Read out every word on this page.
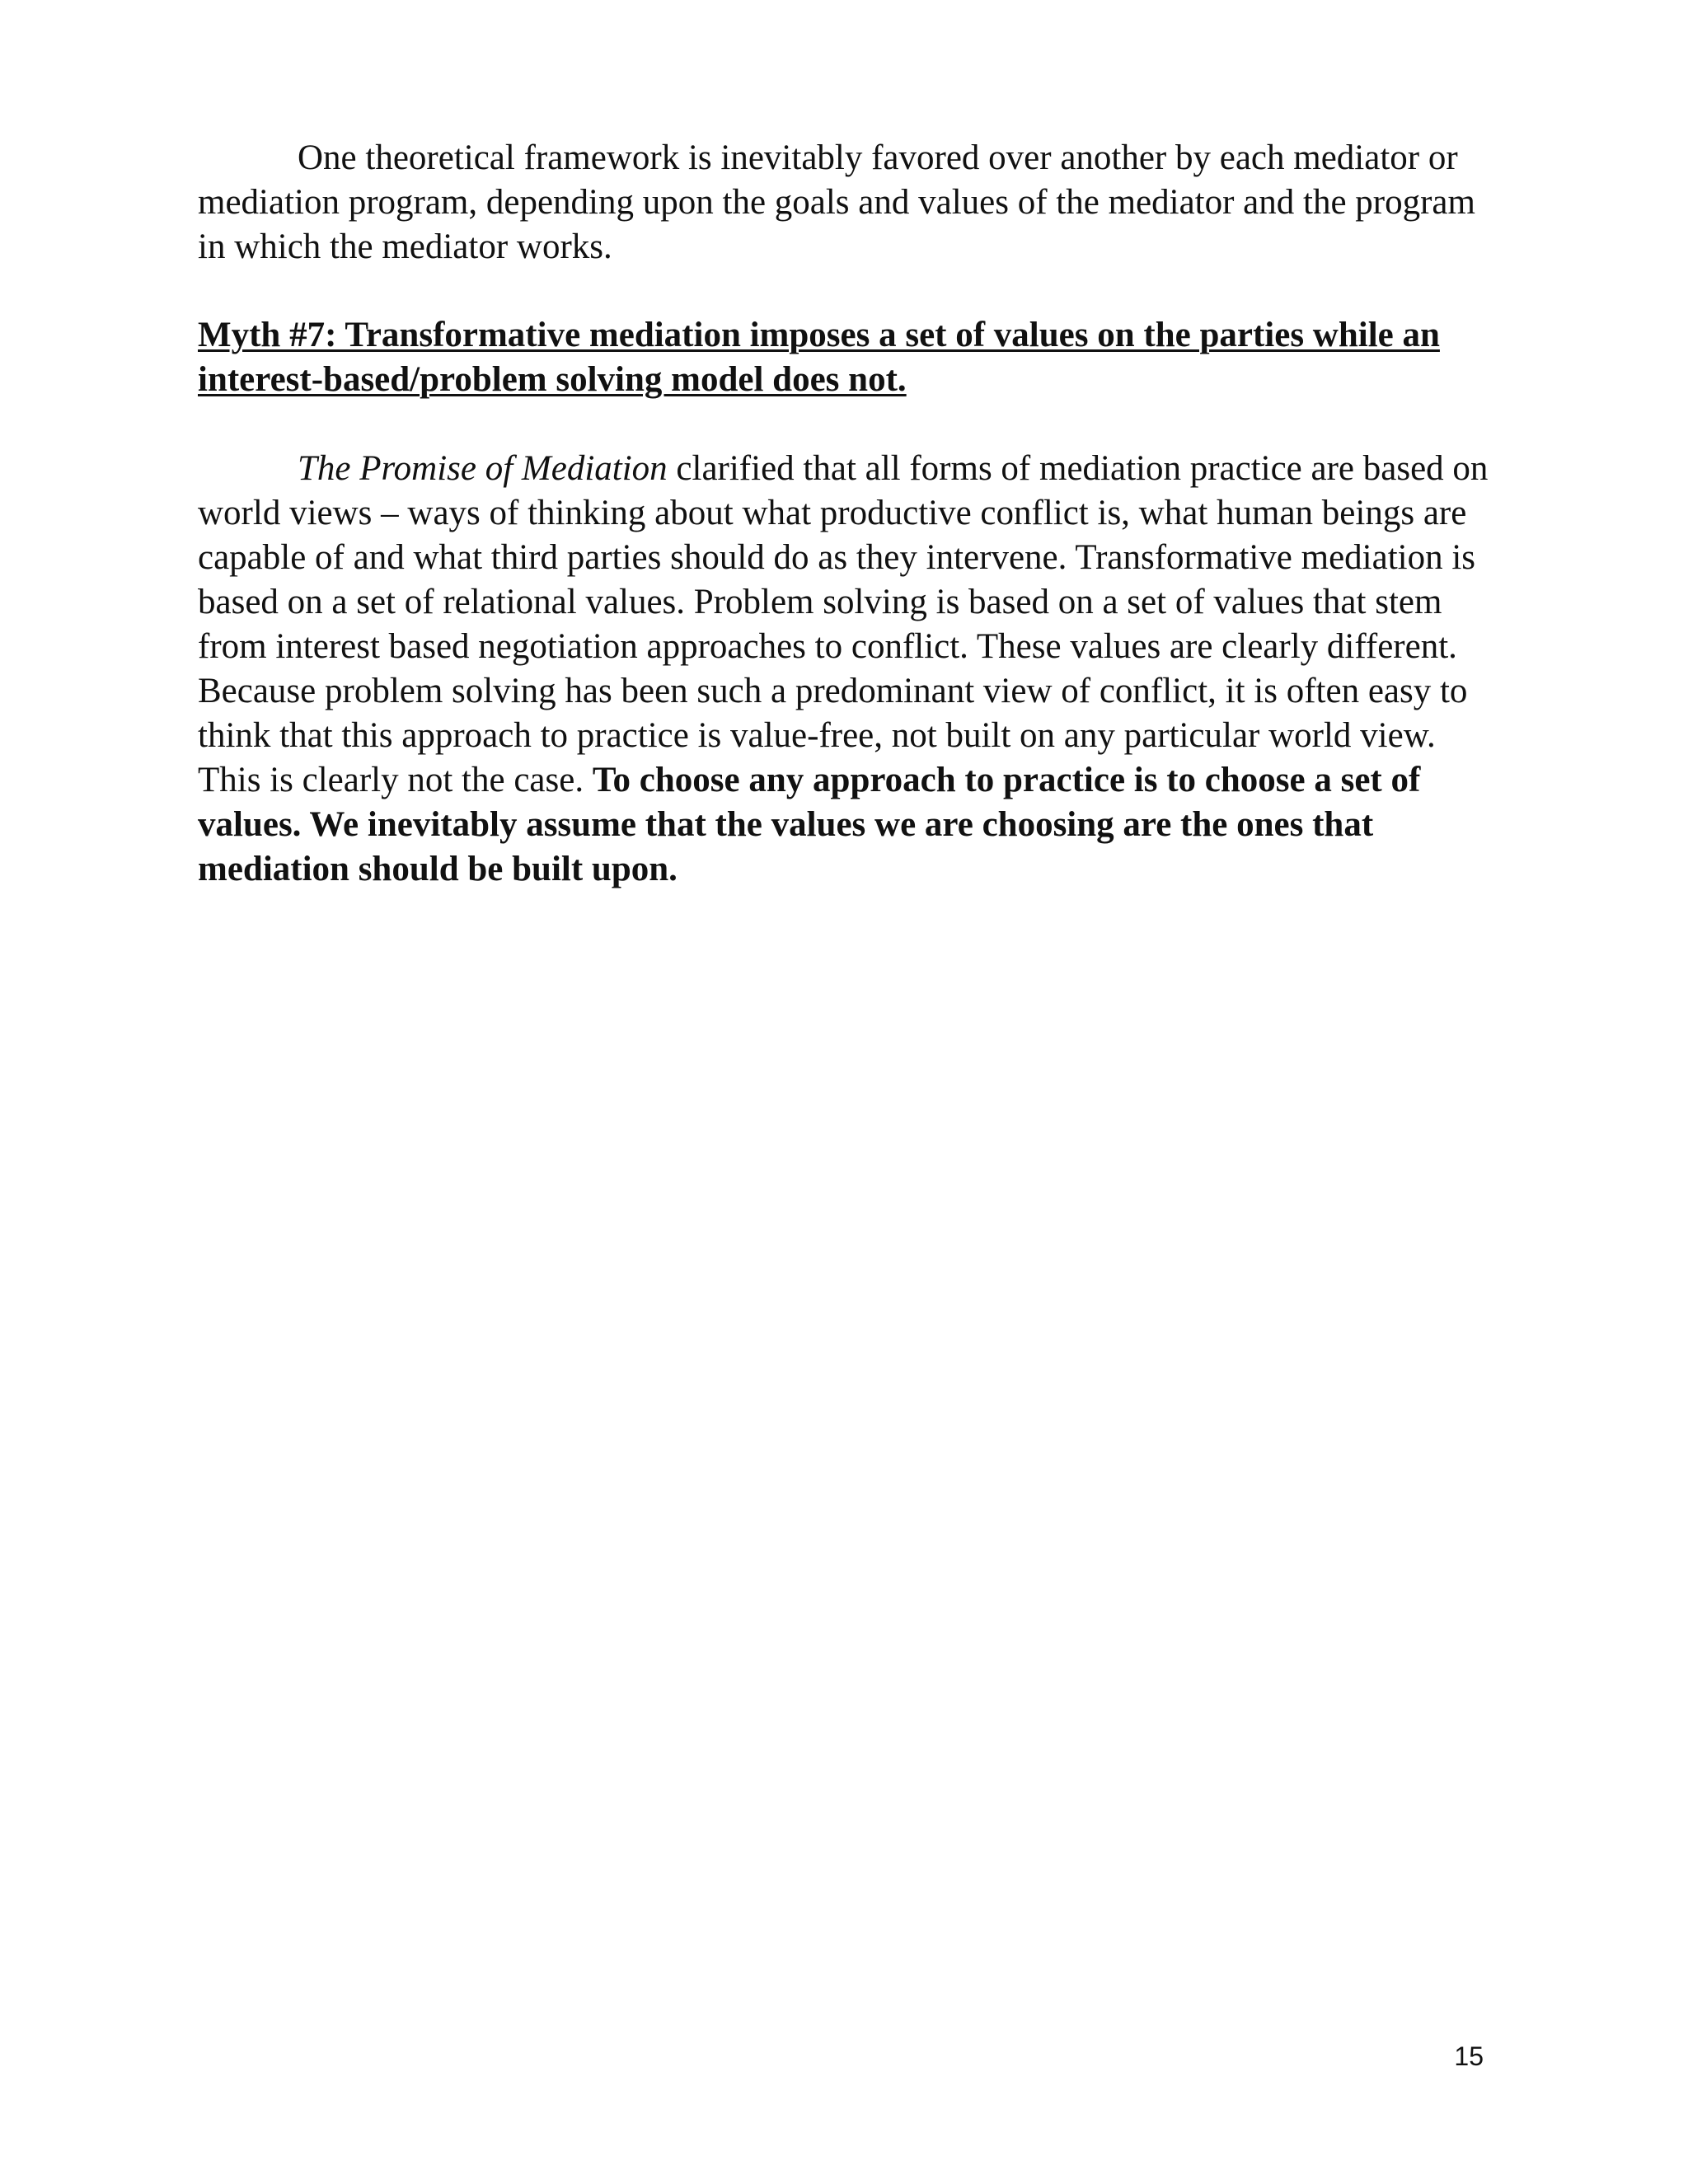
One theoretical framework is inevitably favored over another by each mediator or mediation program, depending upon the goals and values of the mediator and the program in which the mediator works.

Myth #7: Transformative mediation imposes a set of values on the parties while an interest-based/problem solving model does not.

The Promise of Mediation clarified that all forms of mediation practice are based on world views – ways of thinking about what productive conflict is, what human beings are capable of and what third parties should do as they intervene. Transformative mediation is based on a set of relational values. Problem solving is based on a set of values that stem from interest based negotiation approaches to conflict. These values are clearly different. Because problem solving has been such a predominant view of conflict, it is often easy to think that this approach to practice is value-free, not built on any particular world view. This is clearly not the case. To choose any approach to practice is to choose a set of values. We inevitably assume that the values we are choosing are the ones that mediation should be built upon.

15
